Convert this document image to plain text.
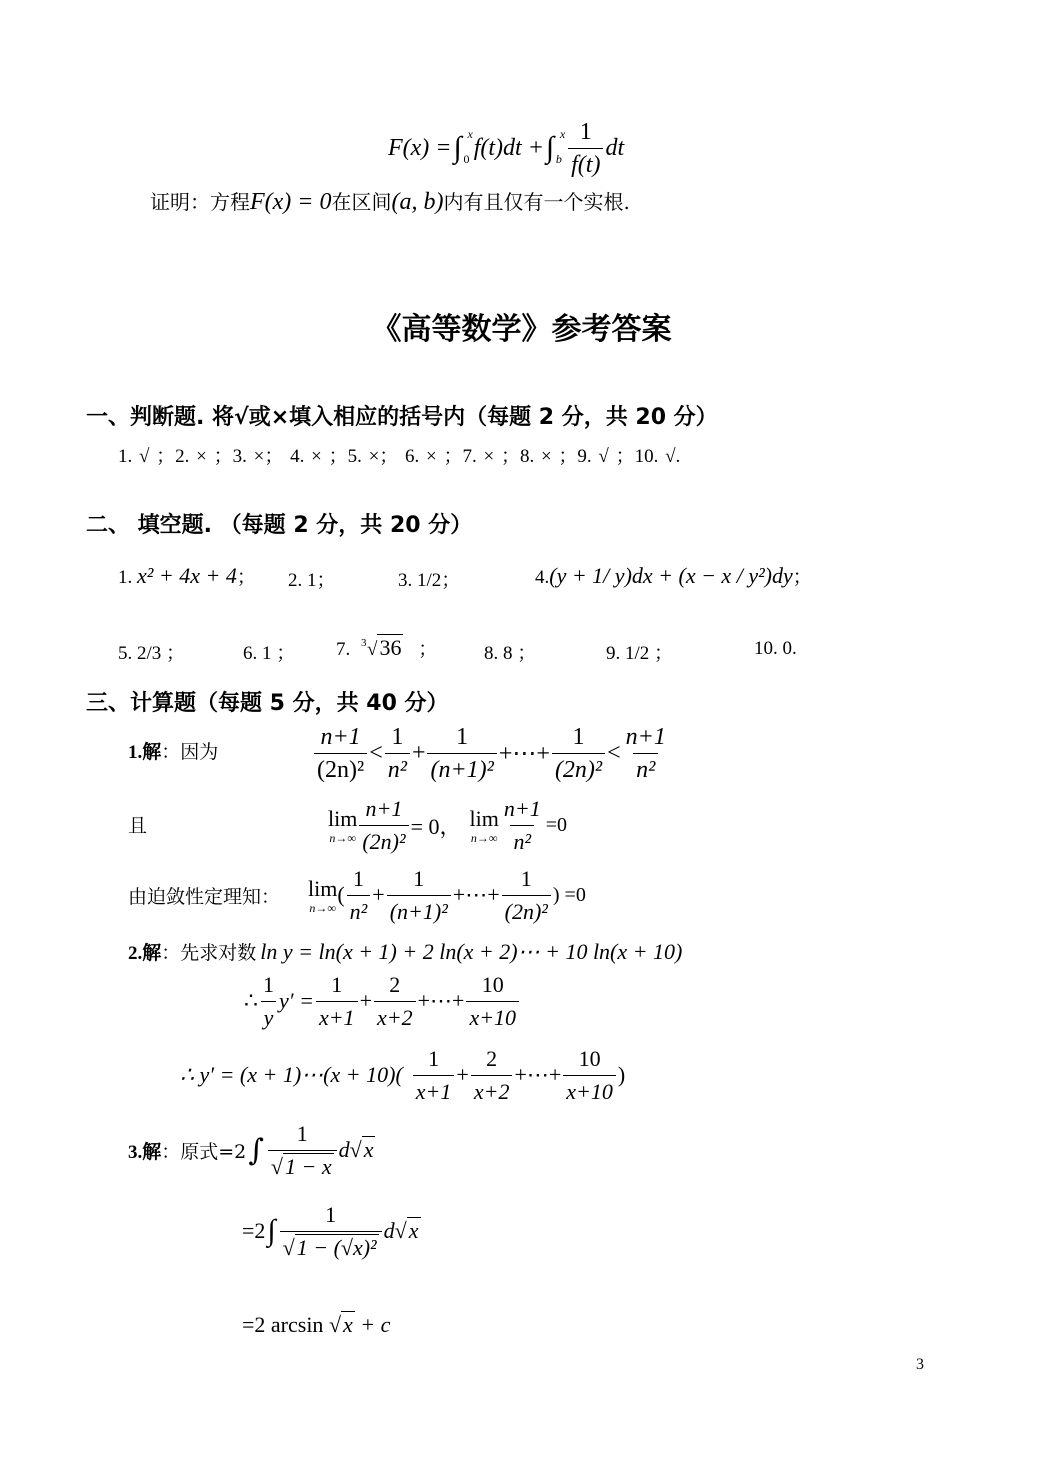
F(x) = ∫ x
0 f(t)dt + ∫ x
b $\frac{1}{f(t)}$ dt
证明：方程F(x) = 0在区间(a, b)内有且仅有一个实根.
《高等数学》参考答案
一、判断题. 将√或×填入相应的括号内（每题 2 分，共 20 分）
1. √ ；2. × ；3. ×； 4. × ；5. ×； 6. × ；7. × ；8. × ；9. √ ；10. √.
二、 填空题. （每题 2 分，共 20 分）
1. x² + 4x + 4； 2. 1；	3. 1/2；	4.(y + 1/ y)dx + (x − x / y²)dy；
5. 2/3 ；	6. 1 ； 7. 3 √36 ； 8. 8 ；	9. 1/2 ；	10. 0.
三、计算题（每题 5 分，共 40 分）
1.解：因为	$\frac{n+1}{\text{(2n)²}} < \frac{1}{\text{n²}} + \frac{1}{\text{(n+1)²}}$ +⋯+ $\frac{1}{\text{(2n)²}} < \frac{n+1}{\text{n²}}$
且	lim
$n\to\infty \frac{n+1}{\text{(2n)²}} = 0$， lim
$n\to\infty \frac{n+1}{\text{n²}} =0$
由迫敛性定理知： lim
n→∞
( $\frac{1}{\text{n²}} + \frac{1}{\text{(n+1)²}}$ +⋯+ $\frac{1}{\text{(2n)²}}$ ) =0
2.解 ：先求对数 ln y = ln(x + 1) + 2 ln(x + 2)⋯ + 10 ln(x + 10)
∴ $\frac{1}{y} y' = \frac{1}{x+1} + \frac{2}{x+2}$ +⋯+ $\frac{10}{x+10}$
∴ y′ = (x + 1)⋯(x + $10)( \frac{1}{x+1} + \frac{2}{x+2}$ +⋯+ $\frac{10}{x+10}$ )
3.解 ：原式=2 ∫ $\frac{1}{√1 - x}$ d √x
=2 ∫ $\frac{1}{\text{√1 − (√x)²}}$ d √x
=2 arcsin √x + c
3
